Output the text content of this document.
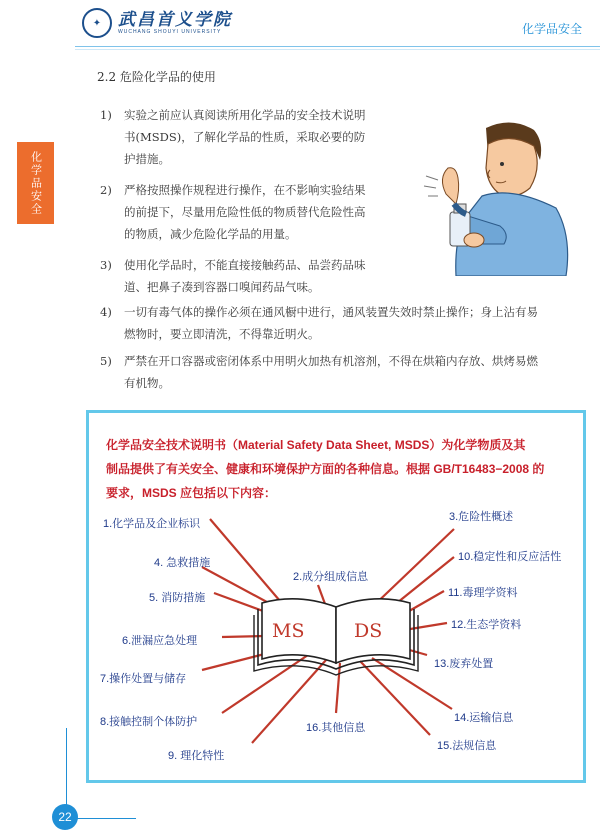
✦ 武昌首义学院
WUCHANG SHOUYI UNIVERSITY	化学品安全
化学品安全
2.2 危险化学品的使用
1) 实验之前应认真阅读所用化学品的安全技术说明
书(MSDS)，了解化学品的性质，采取必要的防
护措施。
2) 严格按照操作规程进行操作，在不影响实验结果
的前提下，尽量用危险性低的物质替代危险性高
的物质，减少危险化学品的用量。
3) 使用化学品时，不能直接接触药品、品尝药品味
道、把鼻子凑到容器口嗅闻药品气味。
4) 一切有毒气体的操作必须在通风橱中进行，通风装置失效时禁止操作；身上沾有易
燃物时，要立即清洗，不得靠近明火。
5) 严禁在开口容器或密闭体系中用明火加热有机溶剂，不得在烘箱内存放、烘烤易燃
有机物。
化学品安全技术说明书（Material Safety Data Sheet, MSDS）为化学物质及其
制品提供了有关安全、健康和环境保护方面的各种信息。根据 GB/T16483−2008 的
要求，MSDS 应包括以下内容：
MS	DS
1.化学品及企业标识
2.成分组成信息
3.危险性概述
4. 急救措施
5. 消防措施
6.泄漏应急处理
7.操作处置与储存
8.接触控制个体防护
9. 理化特性
10.稳定性和反应活性
11.毒理学资料
12.生态学资料
13.废弃处置
14.运输信息
15.法规信息
16.其他信息
22
